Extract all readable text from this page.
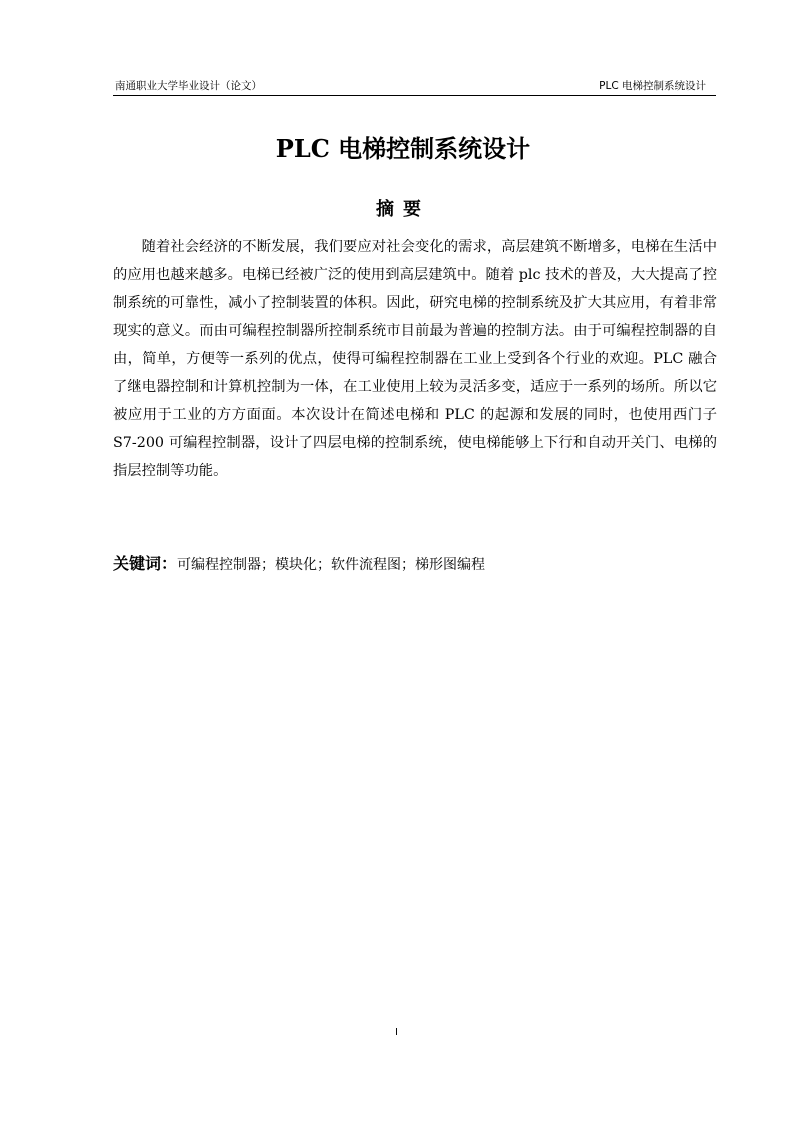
南通职业大学毕业设计（论文）	PLC 电梯控制系统设计
PLC 电梯控制系统设计
摘要

随着社会经济的不断发展，我们要应对社会变化的需求，高层建筑不断增多，电梯在生活中的应用也越来越多。电梯已经被广泛的使用到高层建筑中。随着 plc 技术的普及，大大提高了控制系统的可靠性，减小了控制装置的体积。因此，研究电梯的控制系统及扩大其应用，有着非常现实的意义。而由可编程控制器所控制系统市目前最为普遍的控制方法。由于可编程控制器的自由，简单，方便等一系列的优点，使得可编程控制器在工业上受到各个行业的欢迎。PLC 融合了继电器控制和计算机控制为一体，在工业使用上较为灵活多变，适应于一系列的场所。所以它被应用于工业的方方面面。本次设计在简述电梯和 PLC 的起源和发展的同时，也使用西门子 S7-200 可编程控制器，设计了四层电梯的控制系统，使电梯能够上下行和自动开关门、电梯的指层控制等功能。

关键词：可编程控制器；模块化；软件流程图；梯形图编程
I
